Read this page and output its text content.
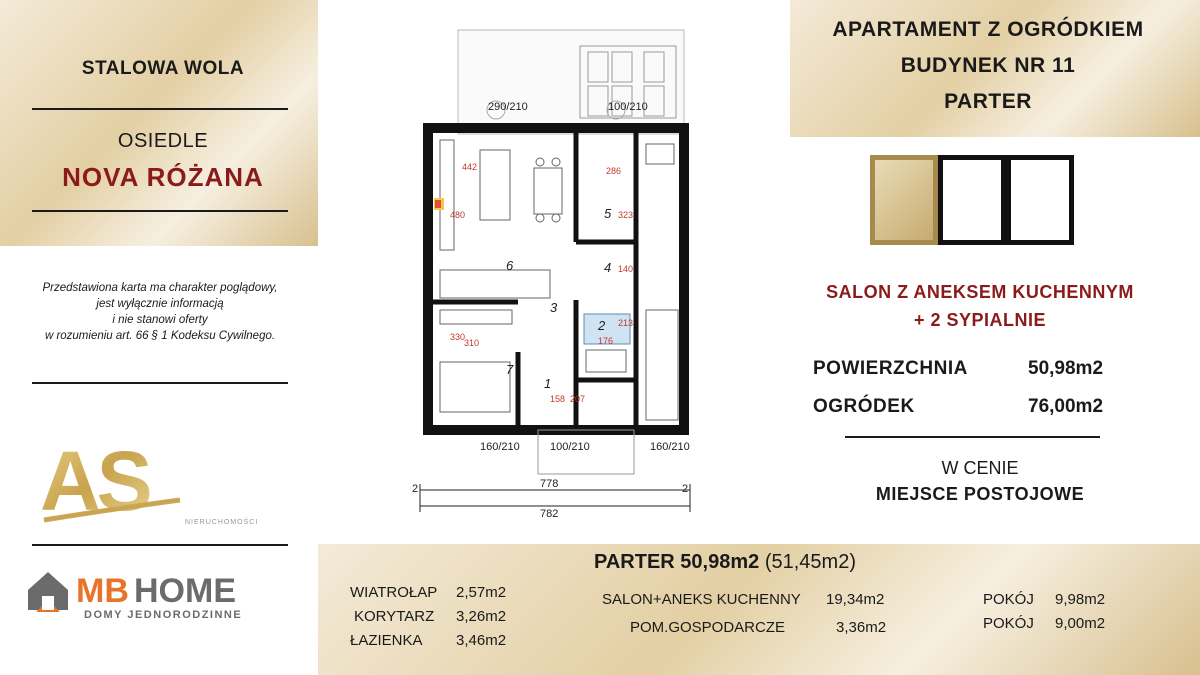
STALOWA WOLA
OSIEDLE
NOVA RÓŻANA
Przedstawiona karta ma charakter poglądowy,
jest wyłącznie informacją
i nie stanowi oferty
w rozumieniu art. 66 § 1 Kodeksu Cywilnego.
AS	NIERUCHOMOŚCI
MB HOME
DOMY JEDNORODZINNE
1
2
3
4
5
6
7
442
480
286
323
140
330
310
213
176
158 207
290/210	100/210
160/210	100/210	160/210
778
782
2	2
APARTAMENT Z OGRÓDKIEM
BUDYNEK NR 11
PARTER
SALON Z ANEKSEM KUCHENNYM
+ 2 SYPIALNIE
POWIERZCHNIA	50,98m2
OGRÓDEK	76,00m2
W CENIE
MIEJSCE POSTOJOWE
PARTER 50,98m2 (51,45m2)
WIATROŁAP 2,57m2
KORYTARZ 3,26m2
ŁAZIENKA 3,46m2
SALON+ANEKS KUCHENNY 19,34m2
POM.GOSPODARCZE	3,36m2
POKÓJ 9,98m2
POKÓJ 9,00m2
